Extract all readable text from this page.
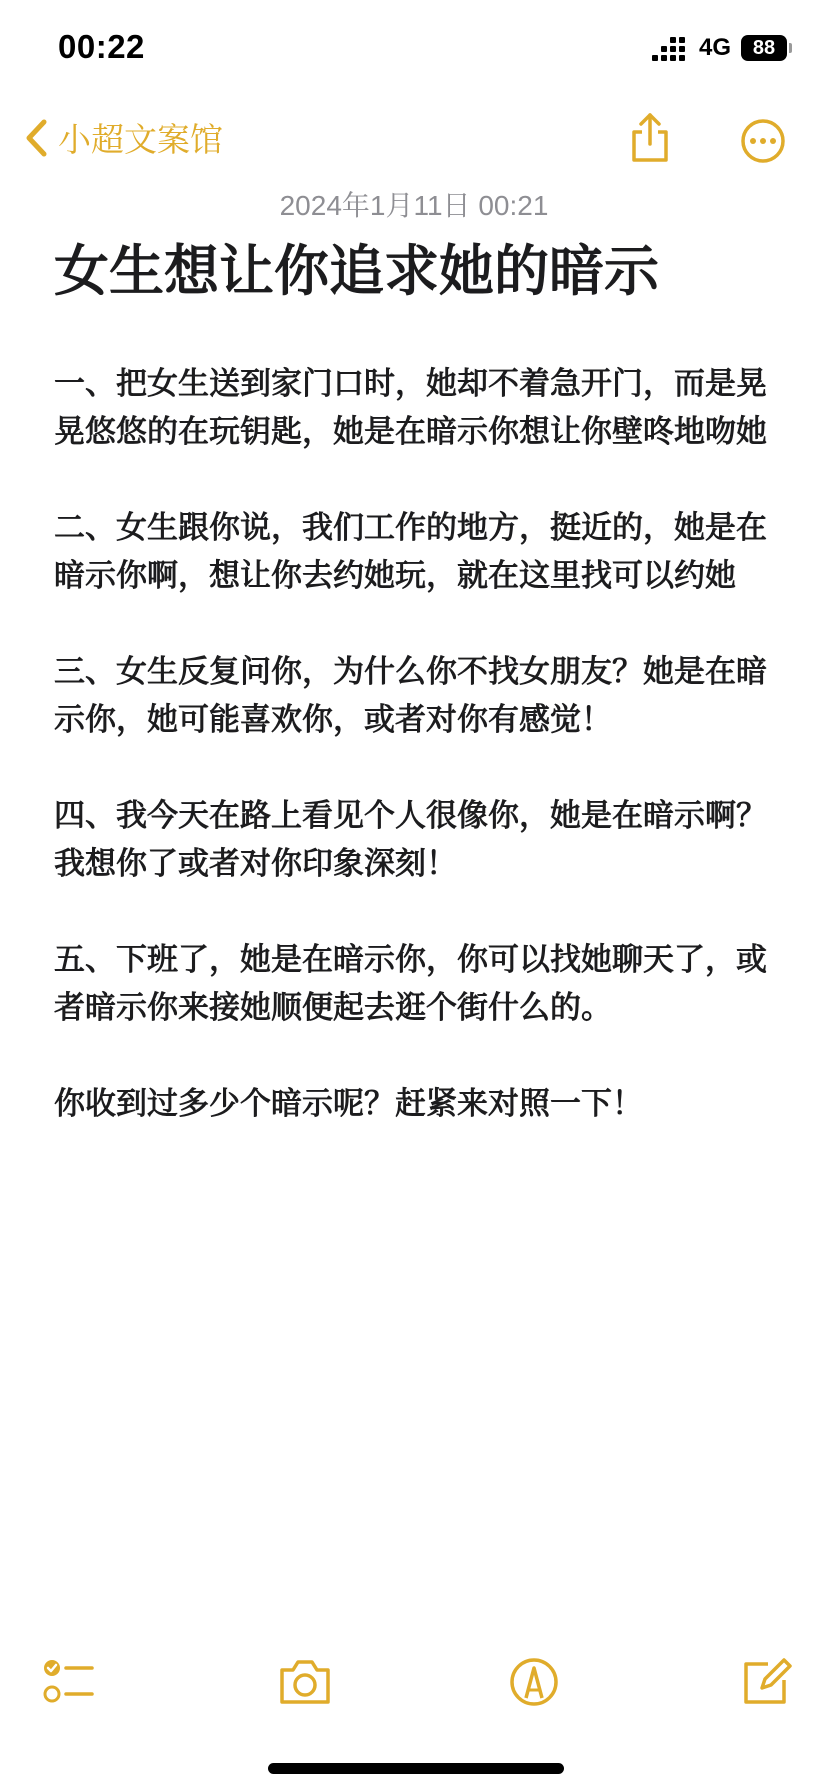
00:22	4G	88
小超文案馆
2024年1月11日 00:21
女生想让你追求她的暗示

一、把女生送到家门口时，她却不着急开门，而是晃晃悠悠的在玩钥匙，她是在暗示你想让你壁咚地吻她

二、女生跟你说，我们工作的地方，挺近的，她是在暗示你啊，想让你去约她玩，就在这里找可以约她

三、女生反复问你，为什么你不找女朋友？她是在暗示你，她可能喜欢你，或者对你有感觉！

四、我今天在路上看见个人很像你，她是在暗示啊？我想你了或者对你印象深刻！

五、下班了，她是在暗示你，你可以找她聊天了，或者暗示你来接她顺便起去逛个街什么的。

你收到过多少个暗示呢？赶紧来对照一下！
